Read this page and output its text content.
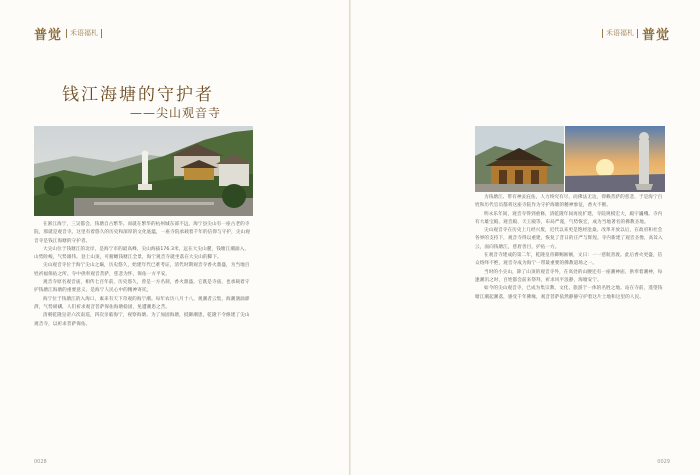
普觉	禾语福札
钱江海塘的守护者
——尖山观音寺

在浙江海宁，三吴都会，钱塘自古繁华。而就在繁华的杭州城东部不远，海宁县尖山有一座古老的寺院，那就是观音寺。这里有着悠久的历史和深厚的文化底蕴，一座寺院承载着千年的信仰与守护，尖山观音寺是钱江海塘的守护者。

大尖山位于钱塘江的北岸，是海宁市的最高峰，尖山海拔176.3米，远在大尖山麓，钱塘江潮涌入，山势险峻，气势雄伟。登上山顶，可俯瞰钱塘江全景，海宁观音寺就坐落在大尖山的脚下。

尖山观音寺位于海宁尖山之巅，历史悠久，始建年代已难考证，清代时期观音寺香火鼎盛，为当地百姓祈福保佑之所。寺中供奉观音菩萨，慈悲为怀，保佑一方平安。

观音寺原名观音庙，相传七百年前，历史悠久，曾是一方名刹，香火鼎盛。它既是寺庙，也承载着守护钱塘江海塘的重要意义，是海宁人民心中的精神寄托。

海宁位于钱塘江的入海口，素来有天下奇观的海宁潮。每年农历八月十八，观潮者云集，海潮汹涌澎湃，气势磅礴，人们祈求观音菩萨保佑海塘稳固，免遭潮患之苦。

清朝乾隆皇帝六次南巡，四次亲临海宁，视察海塘。为了加固海塘，抵御潮患，乾隆下令修建了尖山观音寺，以祈求菩萨保佑。

0028
禾语福札 普觉

为钱塘江、带有神灵庇佑，人力终究有尽，而佛法无边，仰赖菩萨的慈悲，于是海宁百姓和历代官员都将这座寺院作为守护海塘的精神象征，香火不断。

明永乐年间，观音寺得到重修，清乾隆年间再度扩建，寺院规模宏大，殿宇巍峨。寺内有大雄宝殿、观音殿、天王殿等，布局严谨，气势恢宏，成为当地著名的佛教圣地。

尖山观音寺在历史上几经兴废，近代以来更是饱经沧桑。改革开放以后，在政府和社会各界的支持下，观音寺得以重建，恢复了昔日的庄严与辉煌。寺内新建了观音圣像，高耸入云，面向钱塘江，慈眉善目，护佑一方。

在观音寺建成的第二年，乾隆皇帝御赐匾额，文曰：一一慈航普渡。此后香火更盛，信众络绎不绝，观音寺成为海宁一带最重要的佛教道场之一。

当时的小尖山，除了山顶的观音寺外，在高处的山腰还有一座潮神庙，供奉着潮神，每逢潮汛之时，百姓都会前来祭拜，祈求风平浪静，海塘安宁。

如今的尖山观音寺，已成为集宗教、文化、旅游于一体的名胜之地。站在寺前，遥望钱塘江潮起潮落，感受千年佛缘，观音菩萨依然静静守护着这片土地和这里的人民。

0029
